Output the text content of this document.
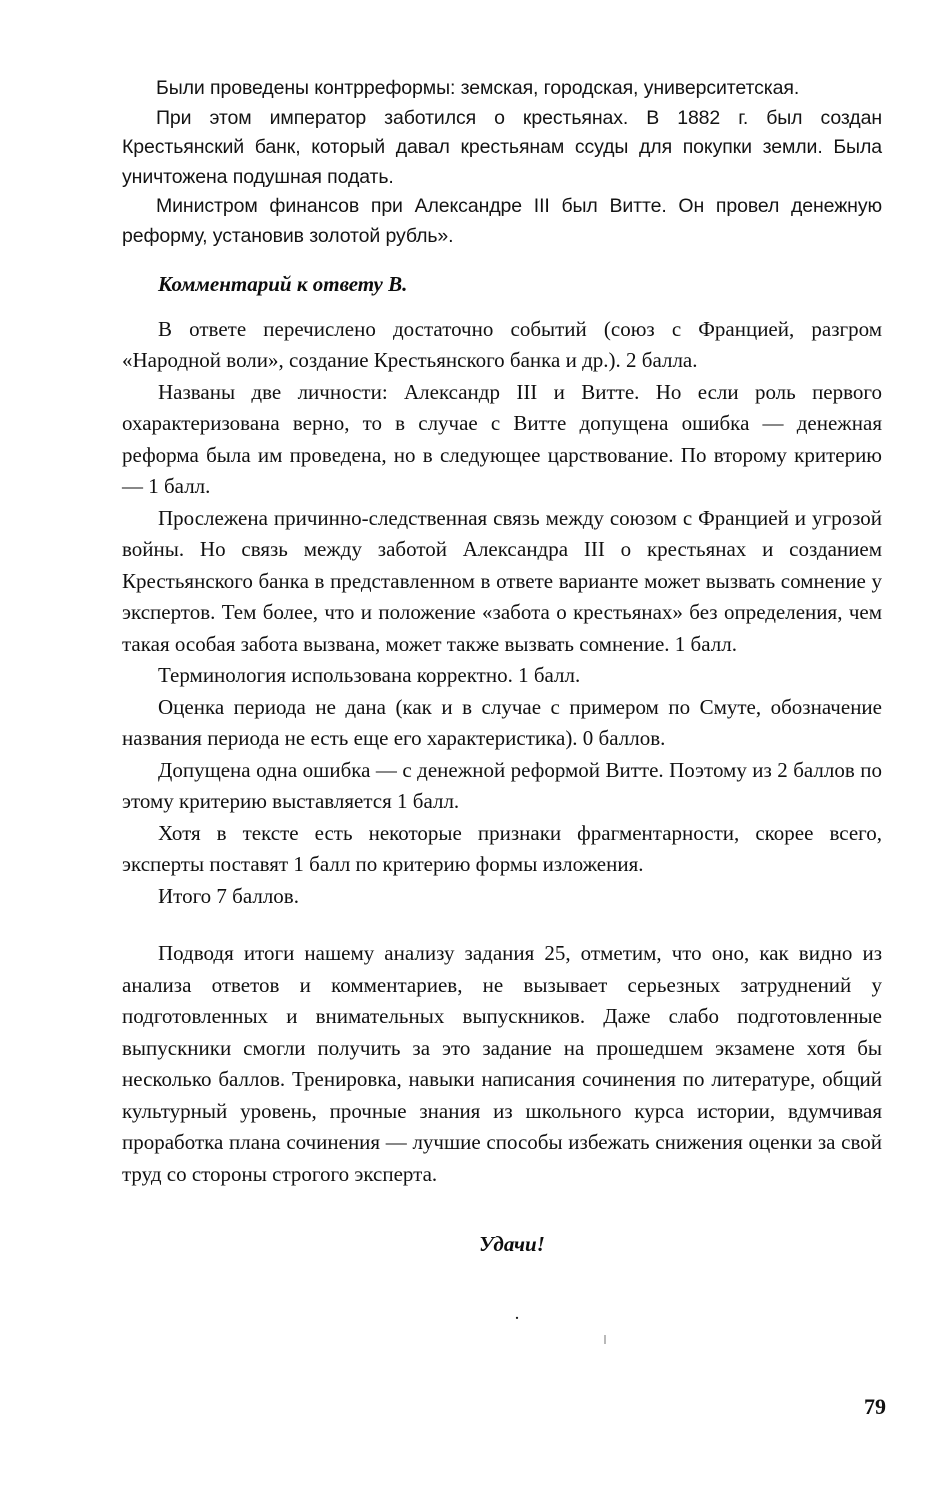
Были проведены контрреформы: земская, городская, университетская.

При этом император заботился о крестьянах. В 1882 г. был создан Крестьянский банк, который давал крестьянам ссуды для покупки земли. Была уничтожена подушная подать.

Министром финансов при Александре III был Витте. Он провел денежную реформу, установив золотой рубль».

Комментарий к ответу В.

В ответе перечислено достаточно событий (союз с Францией, разгром «Народной воли», создание Крестьянского банка и др.). 2 балла.

Названы две личности: Александр III и Витте. Но если роль первого охарактеризована верно, то в случае с Витте допущена ошибка — денежная реформа была им проведена, но в следующее царствование. По второму критерию — 1 балл.

Прослежена причинно-следственная связь между союзом с Францией и угрозой войны. Но связь между заботой Александра III о крестьянах и созданием Крестьянского банка в представленном в ответе варианте может вызвать сомнение у экспертов. Тем более, что и положение «забота о крестьянах» без определения, чем такая особая забота вызвана, может также вызвать сомнение. 1 балл.

Терминология использована корректно. 1 балл.

Оценка периода не дана (как и в случае с примером по Смуте, обозначение названия периода не есть еще его характеристика). 0 баллов.

Допущена одна ошибка — с денежной реформой Витте. Поэтому из 2 баллов по этому критерию выставляется 1 балл.

Хотя в тексте есть некоторые признаки фрагментарности, скорее всего, эксперты поставят 1 балл по критерию формы изложения.

Итого 7 баллов.

Подводя итоги нашему анализу задания 25, отметим, что оно, как видно из анализа ответов и комментариев, не вызывает серьезных затруднений у подготовленных и внимательных выпускников. Даже слабо подготовленные выпускники смогли получить за это задание на прошедшем экзамене хотя бы несколько баллов. Тренировка, навыки написания сочинения по литературе, общий культурный уровень, прочные знания из школьного курса истории, вдумчивая проработка плана сочинения — лучшие способы избежать снижения оценки за свой труд со стороны строгого эксперта.

Удачи!

.
79
